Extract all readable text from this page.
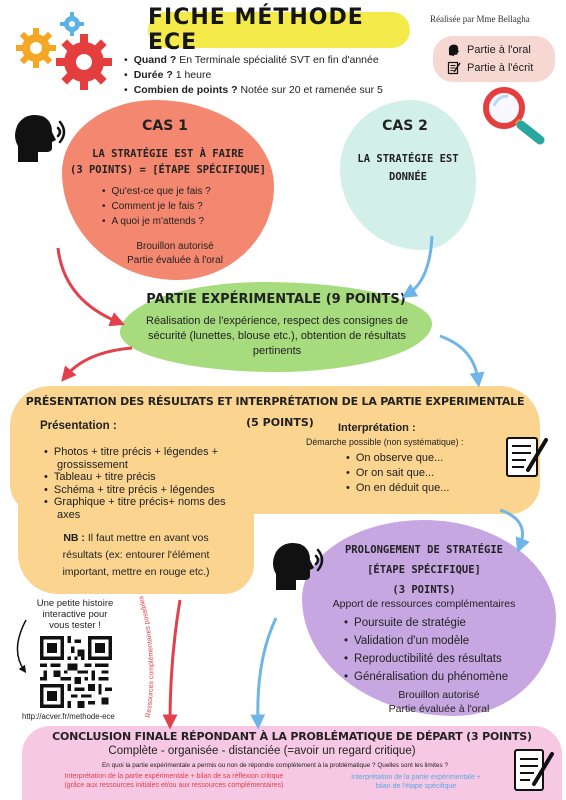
FICHE MÉTHODE ECE
Réalisée par Mme Bellagha
Partie à l'oral
Partie à l'écrit
• Quand ? En Terminale spécialité SVT en fin d'année
• Durée ? 1 heure
• Combien de points ? Notée sur 20 et ramenée sur 5
CAS 1
LA STRATÉGIE EST À FAIRE
(3 POINTS) = [ÉTAPE SPÉCIFIQUE]
• Qu'est-ce que je fais ?
• Comment je le fais ?
• A quoi je m'attends ?
Brouillon autorisé
Partie évaluée à l'oral
CAS 2
LA STRATÉGIE EST
DONNÉE
PARTIE EXPÉRIMENTALE (9 POINTS)
Réalisation de l'expérience, respect des consignes de
sécurité (lunettes, blouse etc.), obtention de résultats
pertinents
PRÉSENTATION DES RÉSULTATS ET INTERPRÉTATION DE LA PARTIE EXPERIMENTALE
(5 POINTS)
Présentation :
• Photos + titre précis + légendes +
grossissement
• Tableau + titre précis
• Schéma + titre précis + légendes
• Graphique + titre précis+ noms des
axes
NB : Il faut mettre en avant vos
résultats (ex: entourer l'élément
important, mettre en rouge etc.)
Interprétation :
Démarche possible (non systématique) :
• On observe que...
• Or on sait que...
• On en déduit que...
PROLONGEMENT DE STRATÉGIE
[ÉTAPE SPÉCIFIQUE]
(3 POINTS)
Apport de ressources complémentaires
• Poursuite de stratégie
• Validation d'un modèle
• Reproductibilité des résultats
• Généralisation du phénomène
Brouillon autorisé
Partie évaluée à l'oral
Une petite histoire
interactive pour
vous tester !
http://acver.fr/methode-ece	Ressources complémentaires possibles
CONCLUSION FINALE RÉPONDANT À LA PROBLÉMATIQUE DE DÉPART (3 POINTS)
Complète - organisée - distanciée (=avoir un regard critique)
En quoi la partie expérimentale a permis ou non de répondre complètement à la problématique ? Quelles sont les limites ?
Interprétation de la partie expérimentale + bilan de sa réflexion critique
(grâce aux ressources initiales et/ou aux ressources complémentaires)
Interprétation de la partie expérimentale +
bilan de l'étape spécifique
